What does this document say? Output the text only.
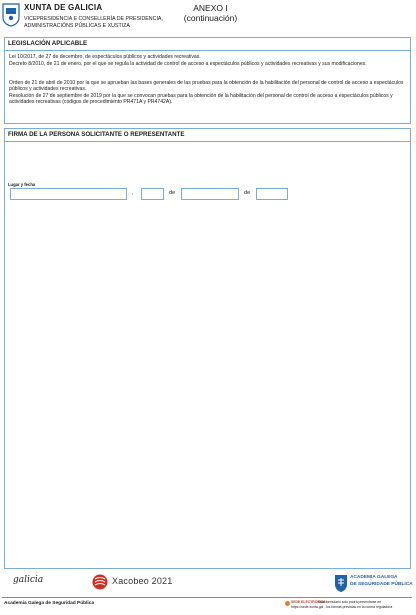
XUNTA DE GALICIA
VICEPRESIDENCIA E CONSELLERÍA DE PRESIDENCIA,
ADMINISTRACIÓNS PÚBLICAS E XUSTIZA
ANEXO I
(continuación)
LEGISLACIÓN APLICABLE
Lei 10/2017, de 27 de decembro, de espectáculos públicos y actividades recreativas.
Decreto 8/2010, de 21 de enero, por el que se regula la actividad de control de acceso a espectáculos públicos y actividades recreativas y sus modificaciones.
Orden de 21 de abril de 2010 por la que se aprueban las bases generales de las pruebas para la obtención de la habilitación del personal de control de acceso a espectáculos públicos y actividades recreativas.
Resolución de 27 de septiembre de 2019 por la que se convocan pruebas para la obtención de la habilitación del personal de control de acceso a espectáculos públicos y actividades recreativas (códigos de procedimiento PR471A y PR4742A).
FIRMA DE LA PERSONA SOLICITANTE O REPRESENTANTE
Lugar y fecha
,	de	de
galicia	Xacobeo 2021	ACADEMIA GALEGA
DE SEGURIDADE PÚBLICA
Academia Galega de Seguridad Pública	SEDE ELECTRÓNICA:
Este formulario solo podrá presentarse en
https://sede.xunta.gal . los formas previstas en la norma reguladora
